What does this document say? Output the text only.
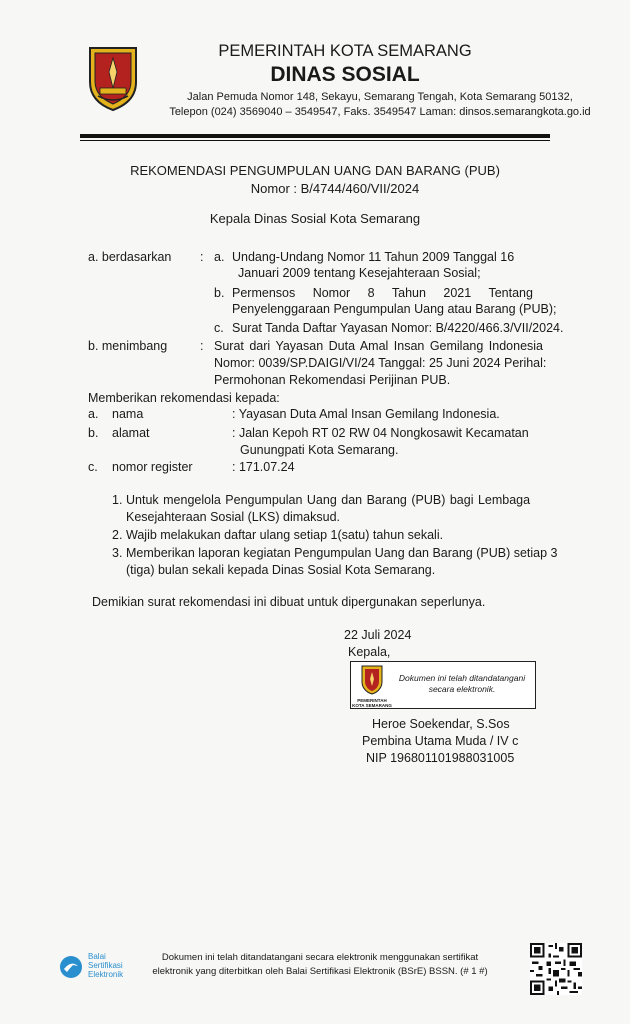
PEMERINTAH KOTA SEMARANG
DINAS SOSIAL
Jalan Pemuda Nomor 148, Sekayu, Semarang Tengah, Kota Semarang 50132,
Telepon (024) 3569040 – 3549547, Faks. 3549547 Laman: dinsos.semarangkota.go.id
REKOMENDASI PENGUMPULAN UANG DAN BARANG (PUB)
Nomor : B/4744/460/VII/2024
Kepala Dinas Sosial Kota Semarang
a. berdasarkan : a. Undang-Undang Nomor 11 Tahun 2009 Tanggal 16
Januari 2009 tentang Kesejahteraan Sosial;
b. Permensos Nomor 8 Tahun 2021 Tentang
Penyelenggaraan Pengumpulan Uang atau Barang (PUB);
c. Surat Tanda Daftar Yayasan Nomor: B/4220/466.3/VII/2024.
b. menimbang	: Surat dari Yayasan Duta Amal Insan Gemilang Indonesia
Nomor: 0039/SP.DAIGI/VI/24 Tanggal: 25 Juni 2024 Perihal:
Permohonan Rekomendasi Perijinan PUB.
Memberikan rekomendasi kepada:
a. nama	: Yayasan Duta Amal Insan Gemilang Indonesia.
b. alamat	: Jalan Kepoh RT 02 RW 04 Nongkosawit Kecamatan
Gunungpati Kota Semarang.
c. nomor register	: 171.07.24
1. Untuk mengelola Pengumpulan Uang dan Barang (PUB) bagi Lembaga
Kesejahteraan Sosial (LKS) dimaksud.
2. Wajib melakukan daftar ulang setiap 1(satu) tahun sekali.
3. Memberikan laporan kegiatan Pengumpulan Uang dan Barang (PUB) setiap 3
(tiga) bulan sekali kepada Dinas Sosial Kota Semarang.
Demikian surat rekomendasi ini dibuat untuk dipergunakan seperlunya.
22 Juli 2024
Kepala,
PEMERINTAH
KOTA SEMARANG
Dokumen ini telah ditandatangani
secara elektronik.
Heroe Soekendar, S.Sos
Pembina Utama Muda / IV c
NIP 196801101988031005
Balai
Sertifikasi
Elektronik
Dokumen ini telah ditandatangani secara elektronik menggunakan sertifikat
elektronik yang diterbitkan oleh Balai Sertifikasi Elektronik (BSrE) BSSN. (# 1 #)
